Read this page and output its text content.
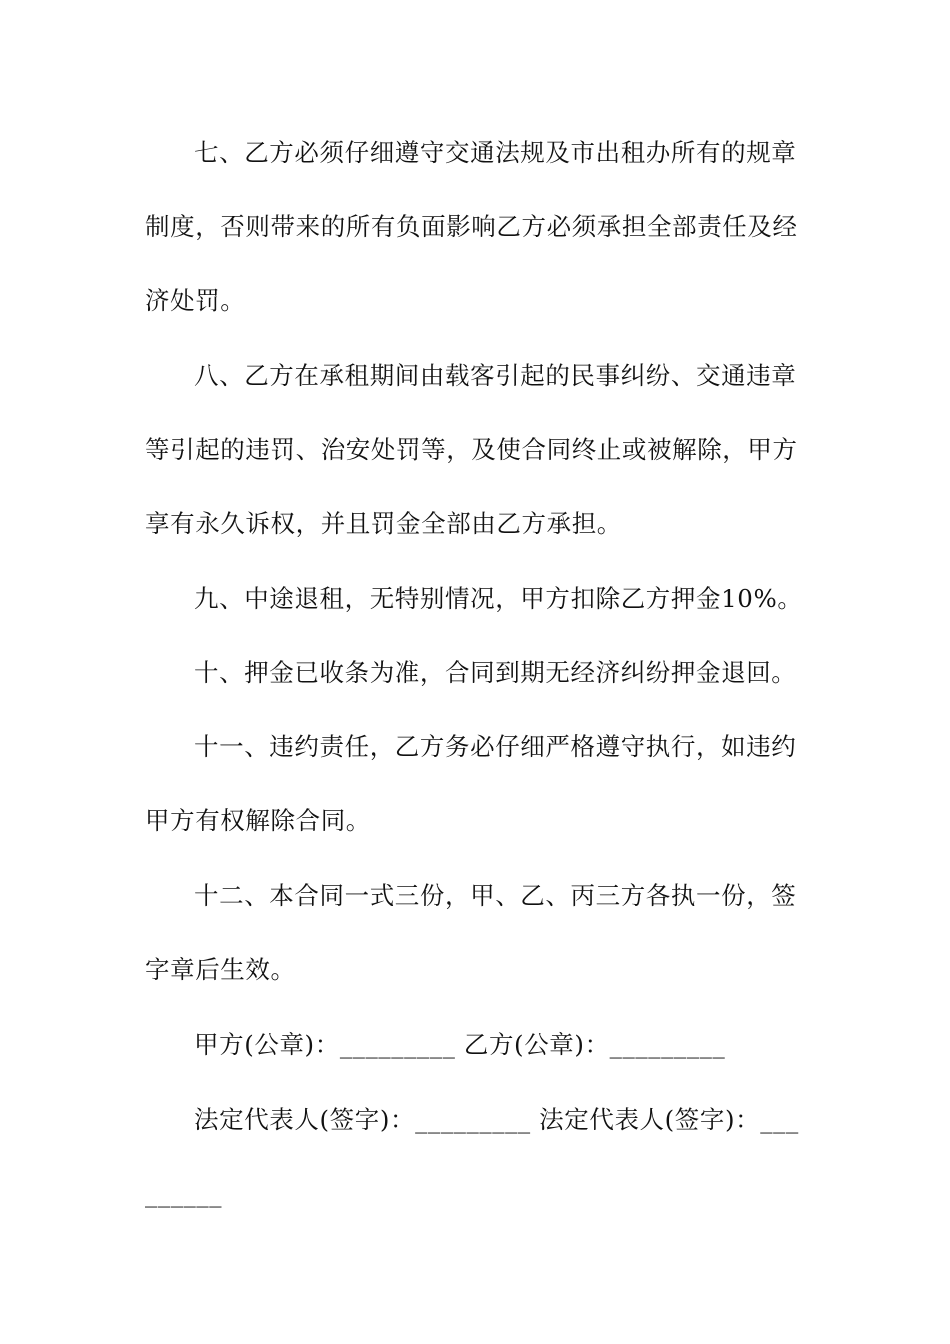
七、乙方必须仔细遵守交通法规及市出租办所有的规章制度，否则带来的所有负面影响乙方必须承担全部责任及经济处罚。

八、乙方在承租期间由载客引起的民事纠纷、交通违章等引起的违罚、治安处罚等，及使合同终止或被解除，甲方享有永久诉权，并且罚金全部由乙方承担。

九、中途退租，无特别情况，甲方扣除乙方押金10%。

十、押金已收条为准，合同到期无经济纠纷押金退回。

十一、违约责任，乙方务必仔细严格遵守执行，如违约甲方有权解除合同。

十二、本合同一式三份，甲、乙、丙三方各执一份，签字章后生效。

甲方(公章)：_________ 乙方(公章)：_________

法定代表人(签字)：_________ 法定代表人(签字)：_________
